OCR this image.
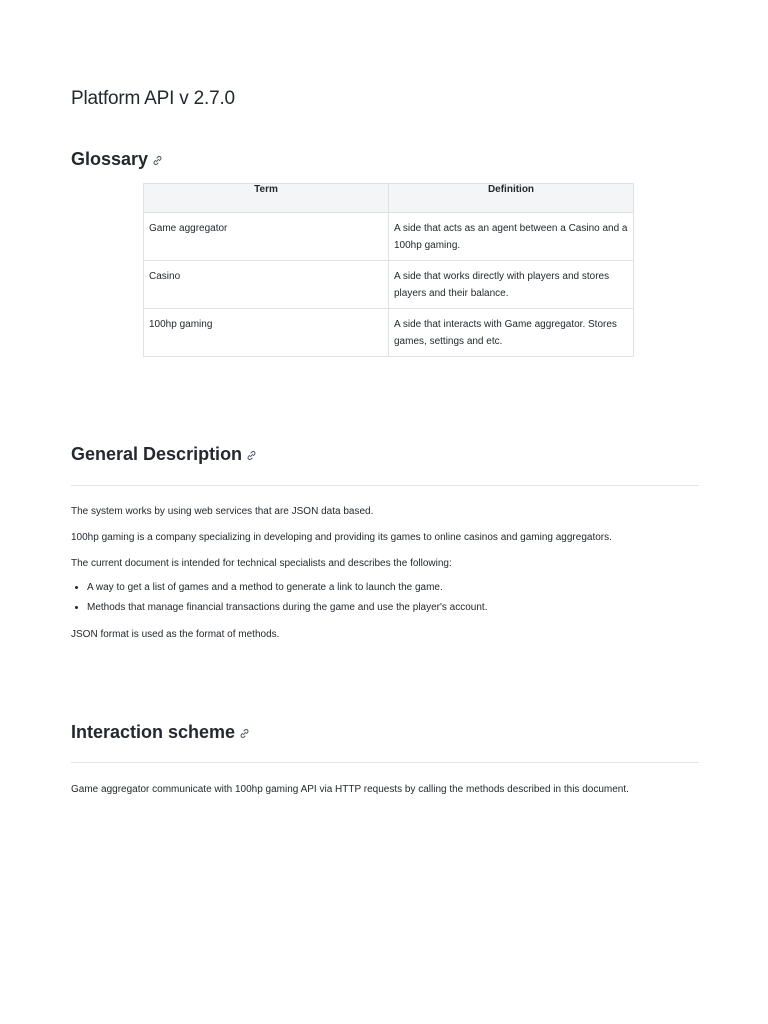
Platform API v 2.7.0
Glossary
Term	Definition
Game aggregator	A side that acts as an agent between a Casino and a 100hp gaming.
Casino	A side that works directly with players and stores players and their balance.
100hp gaming	A side that interacts with Game aggregator. Stores games, settings and etc.
General Description

The system works by using web services that are JSON data based.

100hp gaming is a company specializing in developing and providing its games to online casinos and gaming aggregators.

The current document is intended for technical specialists and describes the following:

• A way to get a list of games and a method to generate a link to launch the game.
• Methods that manage financial transactions during the game and use the player's account.

JSON format is used as the format of methods.

Interaction scheme

Game aggregator communicate with 100hp gaming API via HTTP requests by calling the methods described in this document.
